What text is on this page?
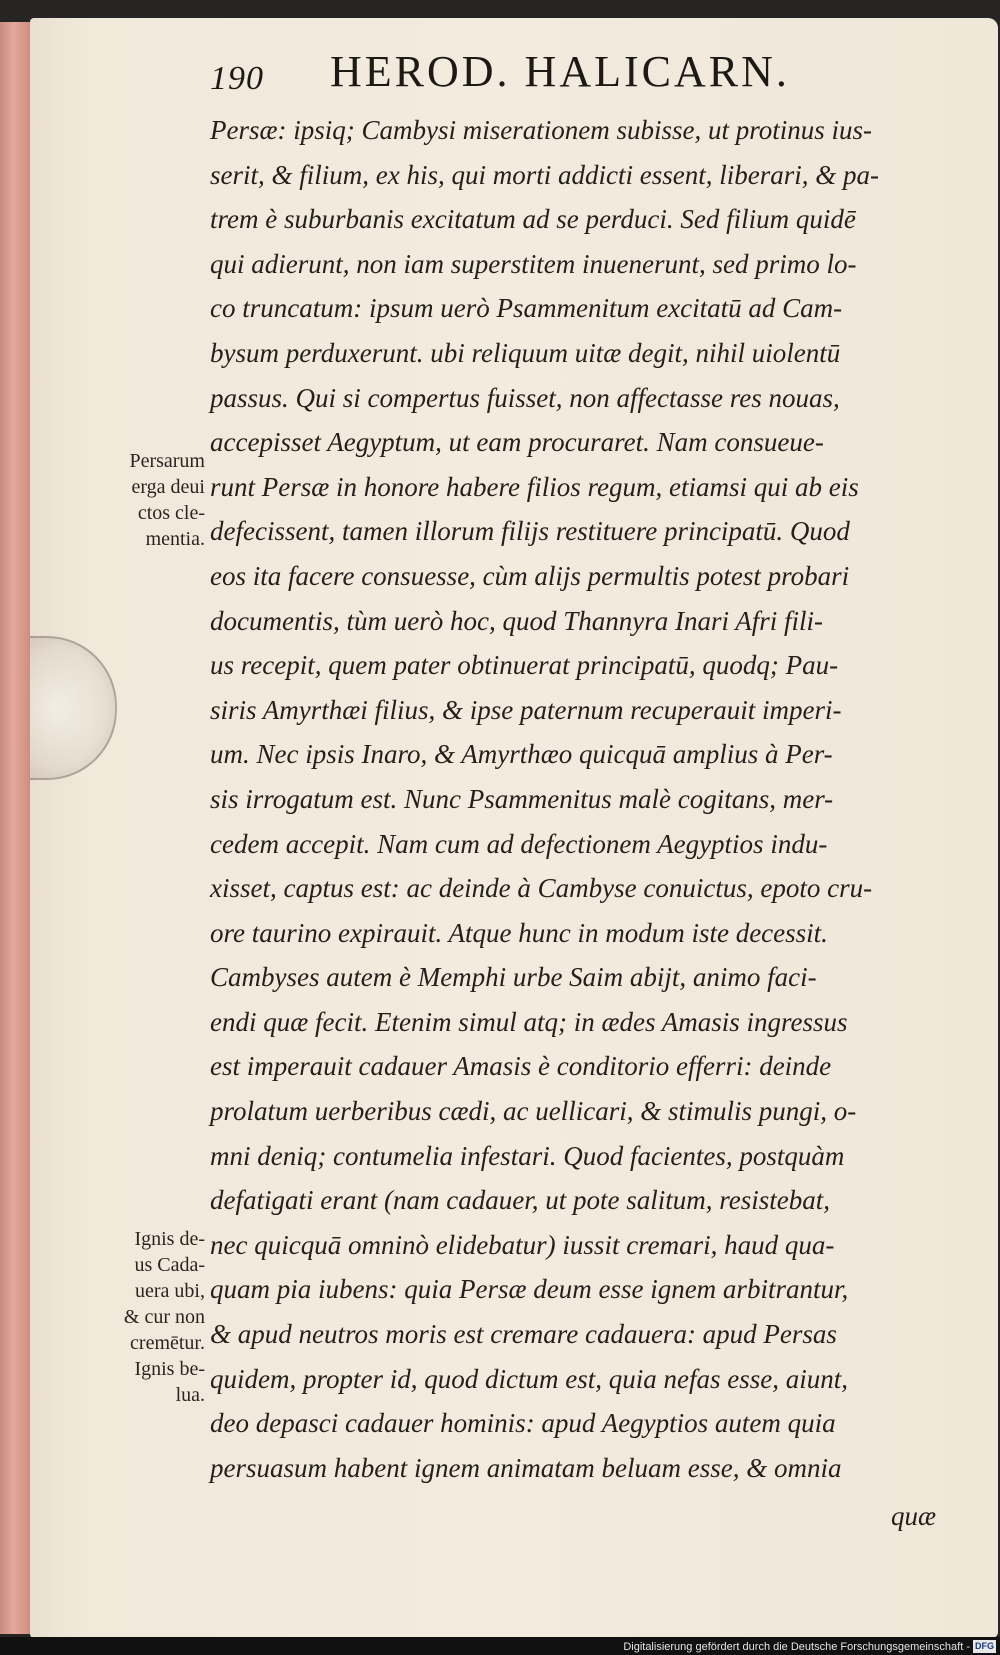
190 HEROD. HALICARN.
Persarum
erga deui
ctos cle-
mentia.
Ignis de-
us Cada-
uera ubi,
& cur non
cremētur.
Ignis be-
lua.
Persæ: ipsiq; Cambysi miserationem subisse, ut protinus ius-
serit, & filium, ex his, qui morti addicti essent, liberari, & pa-
trem è suburbanis excitatum ad se perduci. Sed filium quidē
qui adierunt, non iam superstitem inuenerunt, sed primo lo-
co truncatum: ipsum uerò Psammenitum excitatū ad Cam-
bysum perduxerunt. ubi reliquum uitæ degit, nihil uiolentū
passus. Qui si compertus fuisset, non affectasse res nouas,
accepisset Aegyptum, ut eam procuraret. Nam consueue-
runt Persæ in honore habere filios regum, etiamsi qui ab eis
defecissent, tamen illorum filijs restituere principatū. Quod
eos ita facere consuesse, cùm alijs permultis potest probari
documentis, tùm uerò hoc, quod Thannyra Inari Afri fili-
us recepit, quem pater obtinuerat principatū, quodq; Pau-
siris Amyrthæi filius, & ipse paternum recuperauit imperi-
um. Nec ipsis Inaro, & Amyrthæo quicquā amplius à Per-
sis irrogatum est. Nunc Psammenitus malè cogitans, mer-
cedem accepit. Nam cum ad defectionem Aegyptios indu-
xisset, captus est: ac deinde à Cambyse conuictus, epoto cru-
ore taurino expirauit. Atque hunc in modum iste decessit.
Cambyses autem è Memphi urbe Saim abijt, animo faci-
endi quæ fecit. Etenim simul atq; in ædes Amasis ingressus
est imperauit cadauer Amasis è conditorio efferri: deinde
prolatum uerberibus cædi, ac uellicari, & stimulis pungi, o-
mni deniq; contumelia infestari. Quod facientes, postquàm
defatigati erant (nam cadauer, ut pote salitum, resistebat,
nec quicquā omninò elidebatur) iussit cremari, haud qua-
quam pia iubens: quia Persæ deum esse ignem arbitrantur,
& apud neutros moris est cremare cadauera: apud Persas
quidem, propter id, quod dictum est, quia nefas esse, aiunt,
deo depasci cadauer hominis: apud Aegyptios autem quia
persuasum habent ignem animatam beluam esse, & omnia
quæ
Digitalisierung gefördert durch die Deutsche Forschungsgemeinschaft - DFG
